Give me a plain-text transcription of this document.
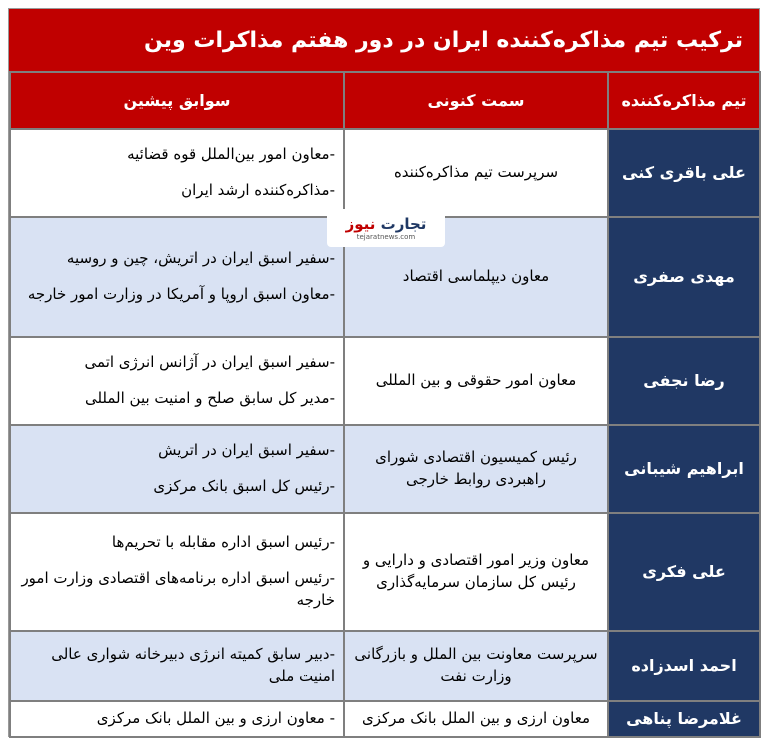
ترکیب تیم مذاکره‌کننده ایران در دور هفتم مذاکرات وین
تیم مذاکره‌کننده	سمت کنونی	سوابق پیشین
علی باقری کنی	سرپرست تیم مذاکره‌کننده	-معاون امور بین‌الملل قوه قضائیه
-مذاکره‌کننده ارشد ایران

مهدی صفری	معاون دیپلماسی اقتصاد	-سفیر اسبق ایران در اتریش، چین و روسیه
-معاون اسبق اروپا و آمریکا در وزارت امور خارجه

رضا نجفی	معاون امور حقوقی و بین المللی	-سفیر اسبق ایران در آژانس انرژی اتمی
-مدیر کل سابق صلح و امنیت بین المللی

ابراهیم شیبانی	رئیس کمیسیون اقتصادی شورای راهبردی روابط خارجی	-سفیر اسبق ایران در اتریش
-رئیس کل اسبق بانک مرکزی

علی فکری	معاون وزیر امور اقتصادی و دارایی و رئیس کل سازمان سرمایه‌گذاری	-رئیس اسبق اداره مقابله با تحریم‌ها
-رئیس اسبق اداره برنامه‌های اقتصادی وزارت امور خارجه

احمد اسدزاده	سرپرست معاونت بین الملل و بازرگانی وزارت نفت	-دبیر سابق کمیته انرژی دبیرخانه شواری عالی امنیت ملی

غلامرضا پناهی	معاون ارزی و بین الملل بانک مرکزی	- معاون ارزی و بین الملل بانک مرکزی
تجارت نیوز
tejaratnews.com
